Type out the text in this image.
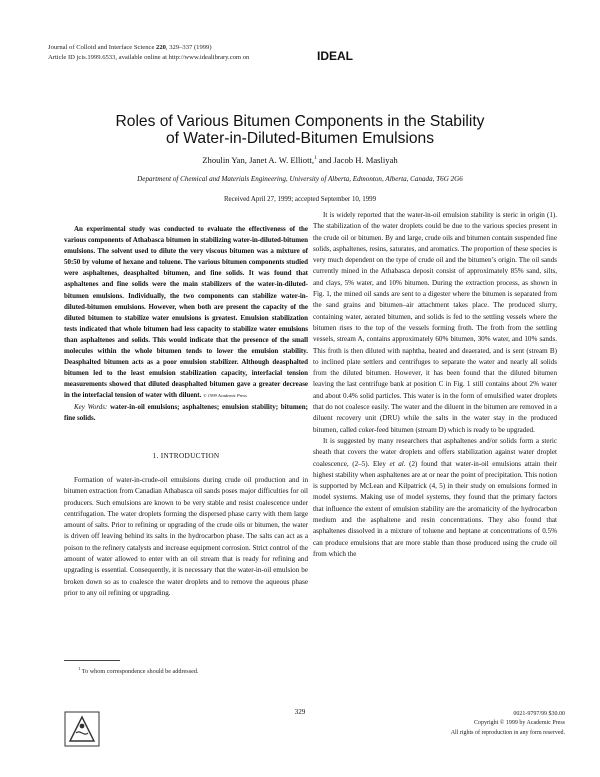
Journal of Colloid and Interface Science 220, 329–337 (1999)
Article ID jcis.1999.6533, available online at http://www.idealibrary.com on	IDEAL
Roles of Various Bitumen Components in the Stability
of Water-in-Diluted-Bitumen Emulsions
Zhoulin Yan, Janet A. W. Elliott,$^1$ and Jacob H. Masliyah
Department of Chemical and Materials Engineering, University of Alberta, Edmonton, Alberta, Canada, T6G 2G6
Received April 27, 1999; accepted September 10, 1999
An experimental study was conducted to evaluate the effectiveness of the various components of Athabasca bitumen in stabilizing water-in-diluted-bitumen emulsions. The solvent used to dilute the very viscous bitumen was a mixture of 50:50 by volume of hexane and toluene. The various bitumen components studied were asphaltenes, deasphalted bitumen, and fine solids. It was found that asphaltenes and fine solids were the main stabilizers of the water-in-diluted-bitumen emulsions. Individually, the two components can stabilize water-in-diluted-bitumen emulsions. However, when both are present the capacity of the diluted bitumen to stabilize water emulsions is greatest. Emulsion stabilization tests indicated that whole bitumen had less capacity to stabilize water emulsions than asphaltenes and solids. This would indicate that the presence of the small molecules within the whole bitumen tends to lower the emulsion stability. Deasphalted bitumen acts as a poor emulsion stabilizer. Although deasphalted bitumen led to the least emulsion stabilization capacity, interfacial tension measurements showed that diluted deasphalted bitumen gave a greater decrease in the interfacial tension of water with diluent. © 1999 Academic Press
Key Words: water-in-oil emulsions; asphaltenes; emulsion stability; bitumen; fine solids.
1. INTRODUCTION

Formation of water-in-crude-oil emulsions during crude oil production and in bitumen extraction from Canadian Athabasca oil sands poses major difficulties for oil producers. Such emulsions are known to be very stable and resist coalescence under centrifugation. The water droplets forming the dispersed phase carry with them large amount of salts. Prior to refining or upgrading of the crude oils or bitumen, the water is driven off leaving behind its salts in the hydrocarbon phase. The salts can act as a poison to the refinery catalysts and increase equipment corrosion. Strict control of the amount of water allowed to enter with an oil stream that is ready for refining and upgrading is essential. Consequently, it is necessary that the water-in-oil emulsion be broken down so as to coalesce the water droplets and to remove the aqueous phase prior to any oil refining or upgrading.

It is widely reported that the water-in-oil emulsion stability is steric in origin (1). The stabilization of the water droplets could be due to the various species present in the crude oil or bitumen. By and large, crude oils and bitumen contain suspended fine solids, asphaltenes, resins, saturates, and aromatics. The proportion of these species is very much dependent on the type of crude oil and the bitumen’s origin. The oil sands currently mined in the Athabasca deposit consist of approximately 85% sand, silts, and clays, 5% water, and 10% bitumen. During the extraction process, as shown in Fig. 1, the mined oil sands are sent to a digester where the bitumen is separated from the sand grains and bitumen–air attachment takes place. The produced slurry, containing water, aerated bitumen, and solids is fed to the settling vessels where the bitumen rises to the top of the vessels forming froth. The froth from the settling vessels, stream A, contains approximately 60% bitumen, 30% water, and 10% sands. This froth is then diluted with naphtha, heated and deaerated, and is sent (stream B) to inclined plate settlers and centrifuges to separate the water and nearly all solids from the diluted bitumen. However, it has been found that the diluted bitumen leaving the last centrifuge bank at position C in Fig. 1 still contains about 2% water and about 0.4% solid particles. This water is in the form of emulsified water droplets that do not coalesce easily. The water and the diluent in the bitumen are removed in a diluent recovery unit (DRU) while the salts in the water stay in the produced bitumen, called coker-feed bitumen (stream D) which is ready to be upgraded.

It is suggested by many researchers that asphaltenes and/or solids form a steric sheath that covers the water droplets and offers stabilization against water droplet coalescence, (2–5). Eley et al. (2) found that water-in-oil emulsions attain their highest stability when asphaltenes are at or near the point of precipitation. This notion is supported by McLean and Kilpatrick (4, 5) in their study on emulsions formed in model systems. Making use of model systems, they found that the primary factors that influence the extent of emulsion stability are the aromaticity of the hydrocarbon medium and the asphaltene and resin concentrations. They also found that asphaltenes dissolved in a mixture of toluene and heptane at concentrations of 0.5% can produce emulsions that are more stable than those produced using the crude oil from which the

$^1$ To whom correspondence should be addressed.
329	0021-9797/99 $30.00
Copyright © 1999 by Academic Press
All rights of reproduction in any form reserved.
